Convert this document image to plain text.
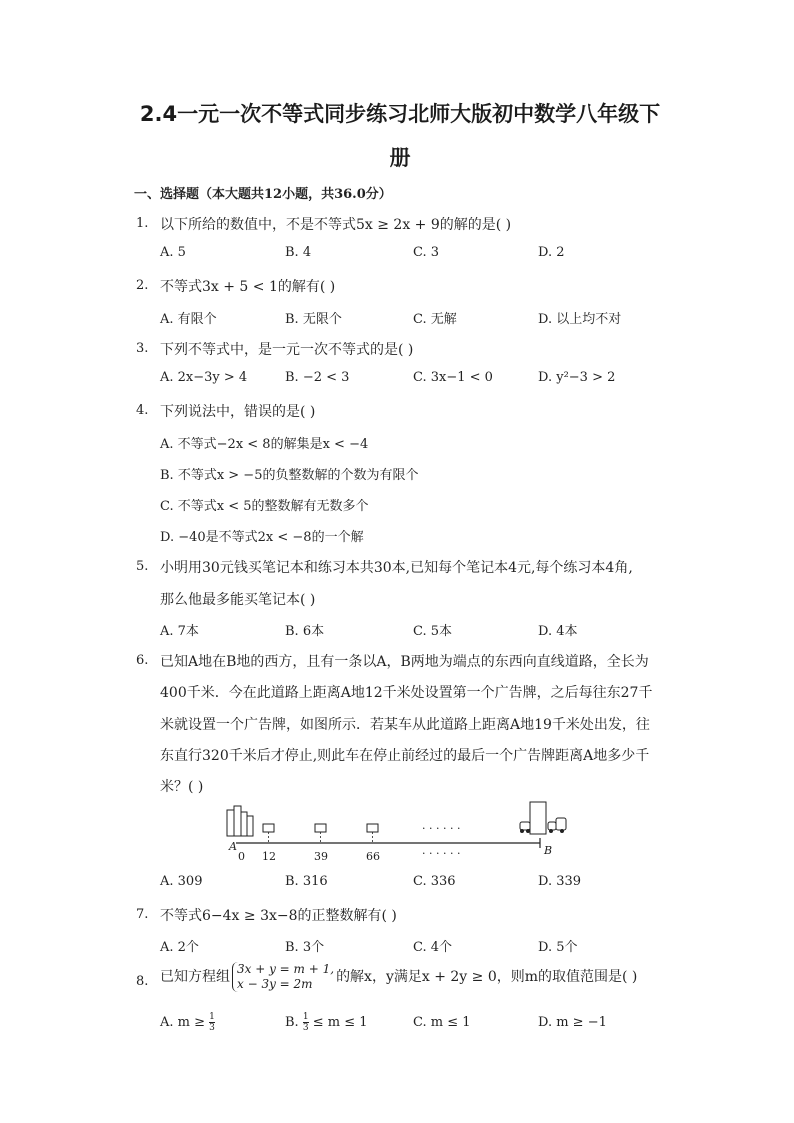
2.4一元一次不等式同步练习北师大版初中数学八年级下
册
一、选择题（本大题共12小题，共36.0分）
1. 以下所给的数值中，不是不等式5x ≥ 2x + 9的解的是( )
A. 5	B. 4	C. 3	D. 2
2. 不等式3x + 5 < 1的解有( )
A. 有限个	B. 无限个	C. 无解	D. 以上均不对
3. 下列不等式中，是一元一次不等式的是( )
A. 2x−3y > 4	B. −2 < 3	C. 3x−1 < 0	D. y²−3 > 2
4. 下列说法中，错误的是( )
A. 不等式−2x < 8的解集是x < −4
B. 不等式x > −5的负整数解的个数为有限个
C. 不等式x < 5的整数解有无数多个
D. −40是不等式2x < −8的一个解
5. 小明用30元钱买笔记本和练习本共30本,已知每个笔记本4元,每个练习本4角,
那么他最多能买笔记本( )
A. 7本	B. 6本	C. 5本	D. 4本
6. 已知A地在B地的西方，且有一条以A，B两地为端点的东西向直线道路，全长为
400千米．今在此道路上距离A地12千米处设置第一个广告牌，之后每往东27千
米就设置一个广告牌，如图所示．若某车从此道路上距离A地19千米处出发，往
东直行320千米后才停止,则此车在停止前经过的最后一个广告牌距离A地多少千
米？( )
· · · · · ·
A
0 12	39	66	· · · · · ·	B
A. 309	B. 316	C. 336	D. 339
7. 不等式6−4x ≥ 3x−8的正整数解有( )
A. 2个	B. 3个	C. 4个	D. 5个
8. 已知方程组 3x + y = m + 1,
x − 3y = 2m	的解x，y满足x + 2y ≥ 0，则m的取值范围是( )
A. $m \ge \frac{1}{3}$	B. $\frac{1}{3} \le m \le 1$	C. m ≤ 1	D. m ≥ −1
